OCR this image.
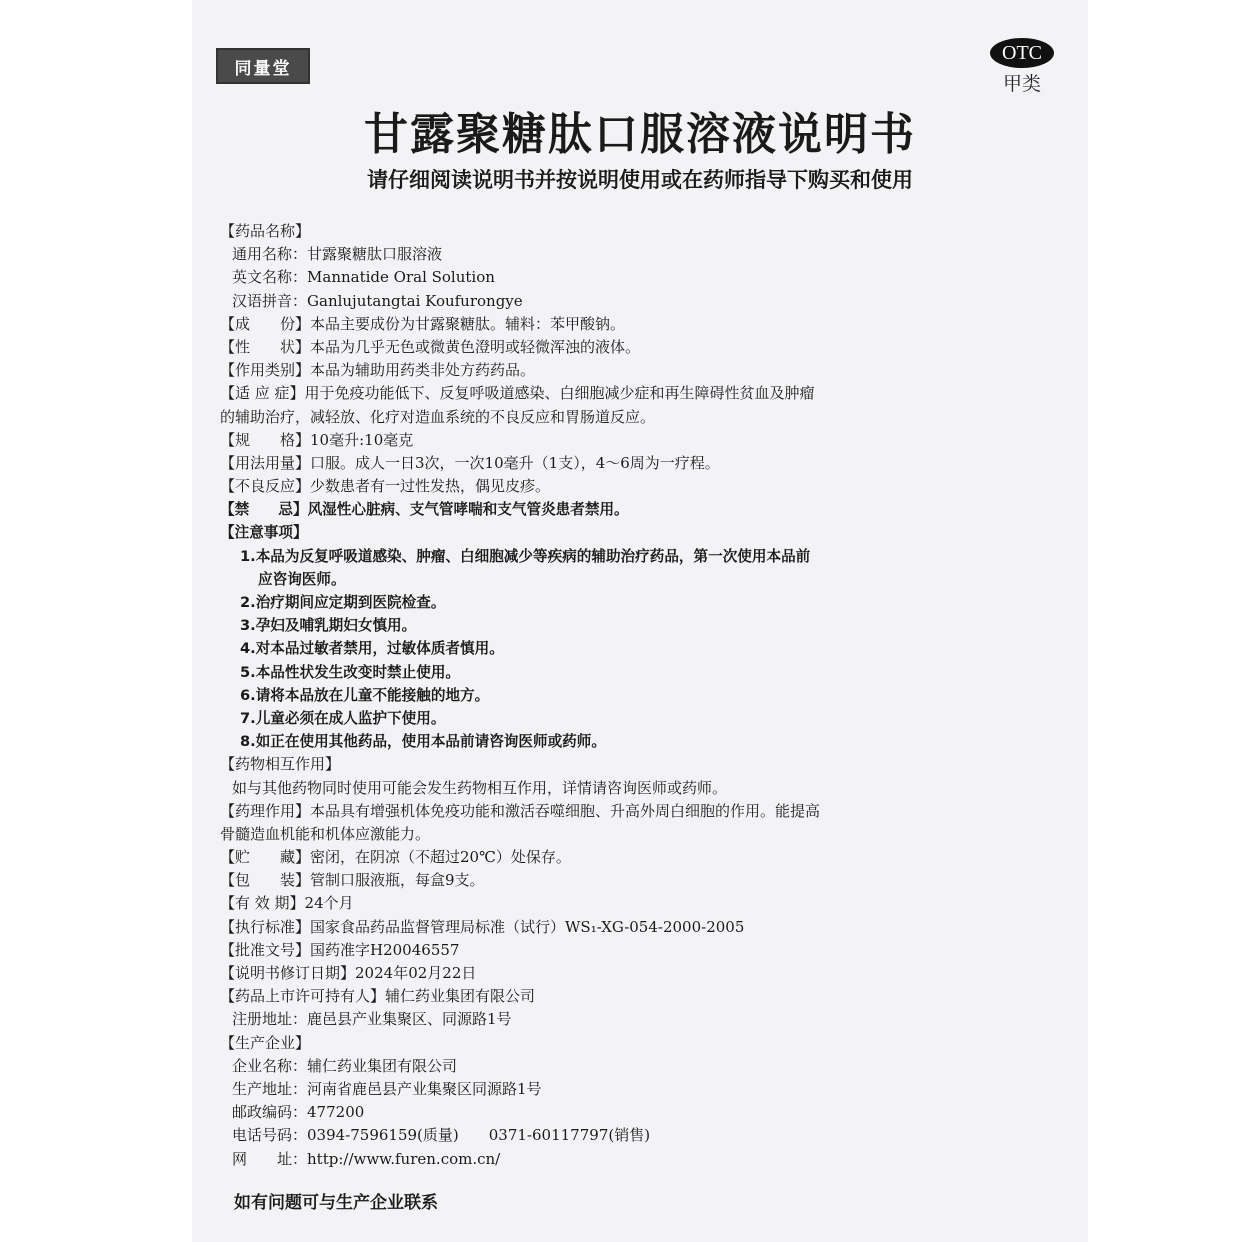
同量堂
OTC
甲类
甘露聚糖肽口服溶液说明书
请仔细阅读说明书并按说明使用或在药师指导下购买和使用
【药品名称】
通用名称：甘露聚糖肽口服溶液
英文名称：Mannatide Oral Solution
汉语拼音：Ganlujutangtai Koufurongye
【成　　份】本品主要成份为甘露聚糖肽。辅料：苯甲酸钠。
【性　　状】本品为几乎无色或微黄色澄明或轻微浑浊的液体。
【作用类别】本品为辅助用药类非处方药药品。
【适 应 症】用于免疫功能低下、反复呼吸道感染、白细胞减少症和再生障碍性贫血及肿瘤
的辅助治疗，减轻放、化疗对造血系统的不良反应和胃肠道反应。
【规　　格】10毫升:10毫克
【用法用量】口服。成人一日3次，一次10毫升（1支），4～6周为一疗程。
【不良反应】少数患者有一过性发热，偶见皮疹。
【禁　　忌】风湿性心脏病、支气管哮喘和支气管炎患者禁用。
【注意事项】
1.本品为反复呼吸道感染、肿瘤、白细胞减少等疾病的辅助治疗药品，第一次使用本品前
应咨询医师。
2.治疗期间应定期到医院检查。
3.孕妇及哺乳期妇女慎用。
4.对本品过敏者禁用，过敏体质者慎用。
5.本品性状发生改变时禁止使用。
6.请将本品放在儿童不能接触的地方。
7.儿童必须在成人监护下使用。
8.如正在使用其他药品，使用本品前请咨询医师或药师。
【药物相互作用】
如与其他药物同时使用可能会发生药物相互作用，详情请咨询医师或药师。
【药理作用】本品具有增强机体免疫功能和激活吞噬细胞、升高外周白细胞的作用。能提高
骨髓造血机能和机体应激能力。
【贮　　藏】密闭，在阴凉（不超过20℃）处保存。
【包　　装】管制口服液瓶，每盒9支。
【有 效 期】24个月
【执行标准】国家食品药品监督管理局标准（试行）WS₁-XG-054-2000-2005
【批准文号】国药准字H20046557
【说明书修订日期】2024年02月22日
【药品上市许可持有人】辅仁药业集团有限公司
注册地址：鹿邑县产业集聚区、同源路1号
【生产企业】
企业名称：辅仁药业集团有限公司
生产地址：河南省鹿邑县产业集聚区同源路1号
邮政编码：477200
电话号码：0394-7596159(质量)　　0371-60117797(销售)
网　　址：http://www.furen.com.cn/
如有问题可与生产企业联系
